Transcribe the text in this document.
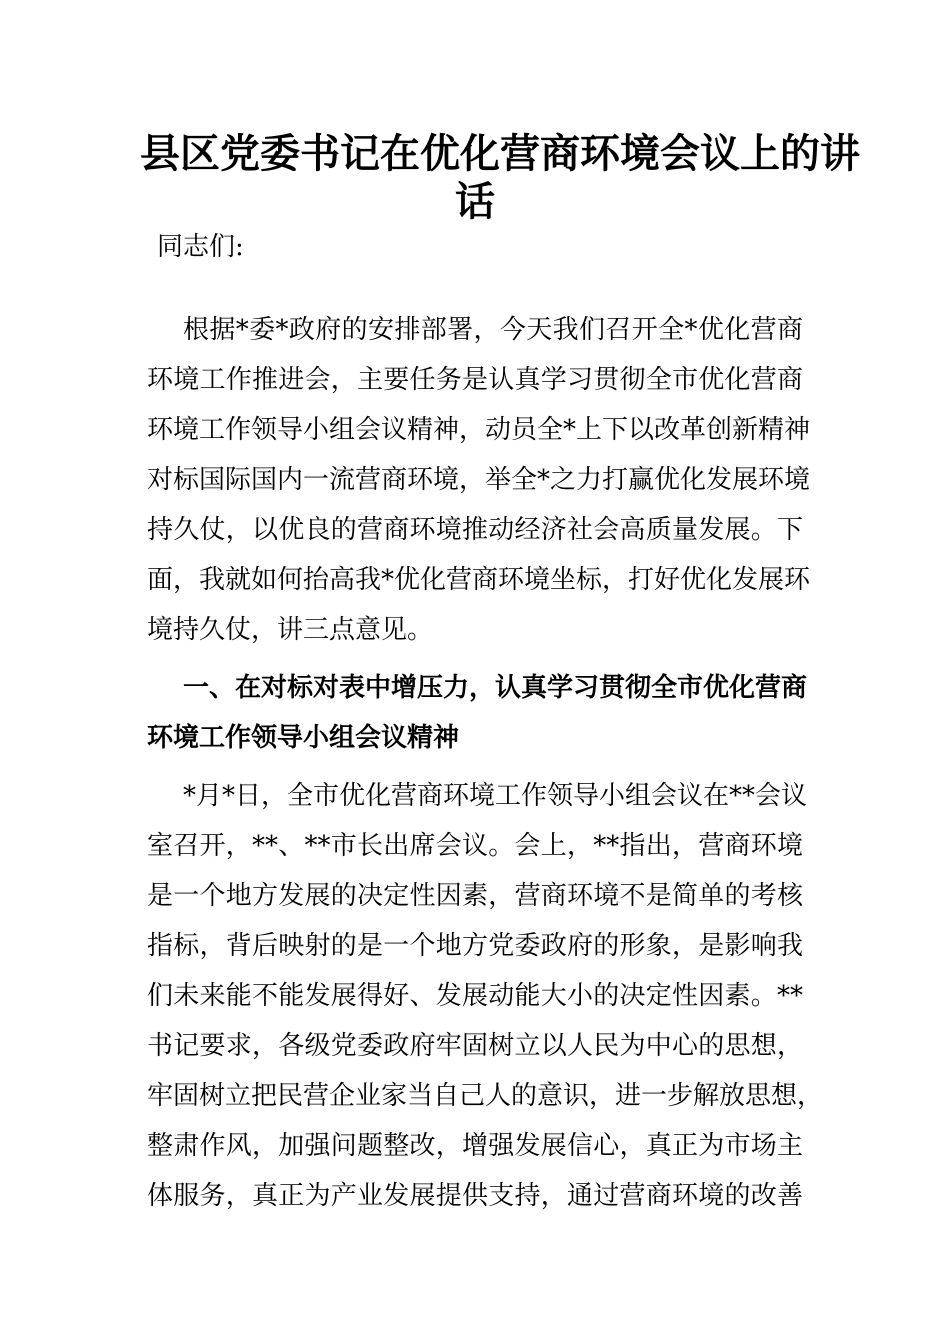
县区党委书记在优化营商环境会议上的讲
话

同志们:

根据*委*政府的安排部署，今天我们召开全*优化营商

环境工作推进会，主要任务是认真学习贯彻全市优化营商

环境工作领导小组会议精神，动员全*上下以改革创新精神

对标国际国内一流营商环境，举全*之力打赢优化发展环境

持久仗，以优良的营商环境推动经济社会高质量发展。下

面，我就如何抬高我*优化营商环境坐标，打好优化发展环

境持久仗，讲三点意见。

一、在对标对表中增压力，认真学习贯彻全市优化营商

环境工作领导小组会议精神

*月*日，全市优化营商环境工作领导小组会议在**会议

室召开，**、**市长出席会议。会上，**指出，营商环境

是一个地方发展的决定性因素，营商环境不是简单的考核

指标，背后映射的是一个地方党委政府的形象，是影响我

们未来能不能发展得好、发展动能大小的决定性因素。**

书记要求，各级党委政府牢固树立以人民为中心的思想，

牢固树立把民营企业家当自己人的意识，进一步解放思想，

整肃作风，加强问题整改，增强发展信心，真正为市场主

体服务，真正为产业发展提供支持，通过营商环境的改善
